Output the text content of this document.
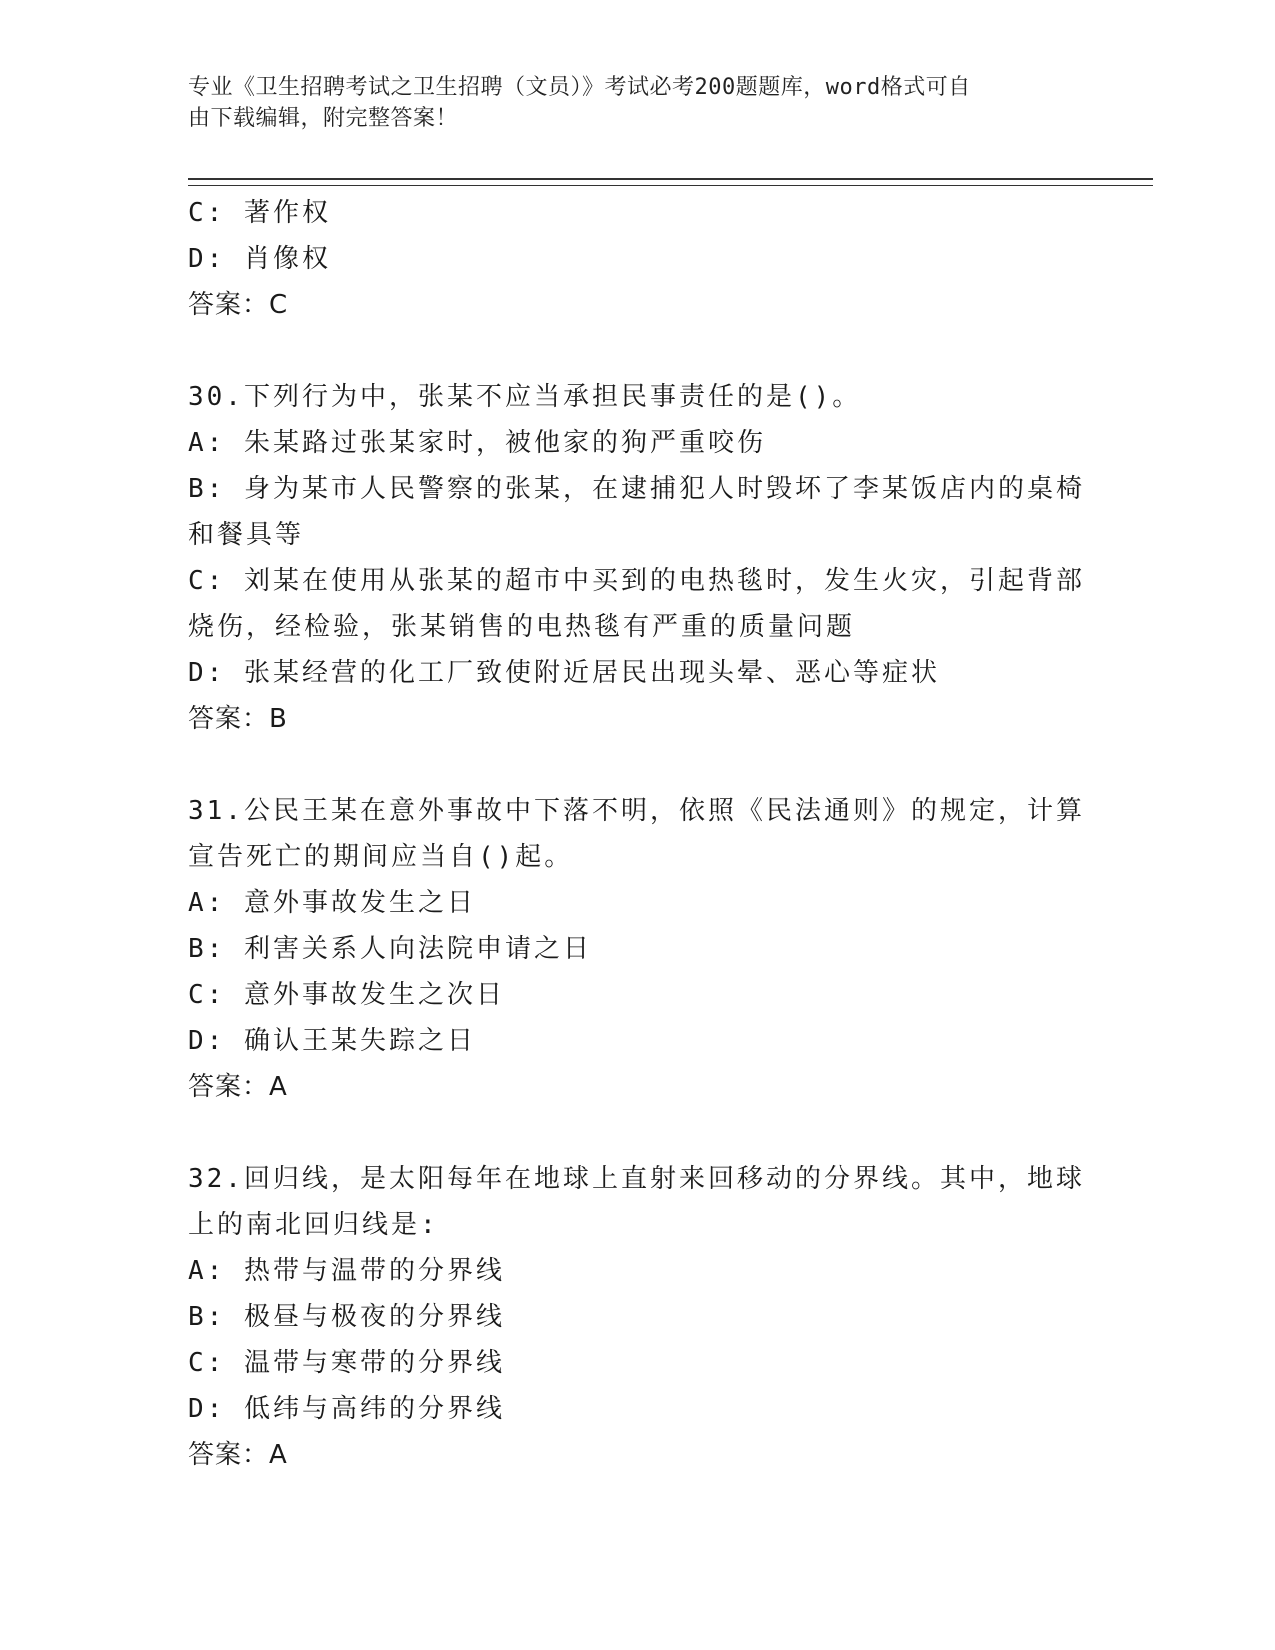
专业《卫生招聘考试之卫生招聘（文员）》考试必考200题题库，word格式可自
由下载编辑，附完整答案！
C: 著作权
D: 肖像权
答案：C
30.下列行为中，张某不应当承担民事责任的是()。
A: 朱某路过张某家时，被他家的狗严重咬伤
B: 身为某市人民警察的张某，在逮捕犯人时毁坏了李某饭店内的桌椅
和餐具等
C: 刘某在使用从张某的超市中买到的电热毯时，发生火灾，引起背部
烧伤，经检验，张某销售的电热毯有严重的质量问题
D: 张某经营的化工厂致使附近居民出现头晕、恶心等症状
答案：B
31.公民王某在意外事故中下落不明，依照《民法通则》的规定，计算
宣告死亡的期间应当自()起。
A: 意外事故发生之日
B: 利害关系人向法院申请之日
C: 意外事故发生之次日
D: 确认王某失踪之日
答案：A
32.回归线，是太阳每年在地球上直射来回移动的分界线。其中，地球
上的南北回归线是:
A: 热带与温带的分界线
B: 极昼与极夜的分界线
C: 温带与寒带的分界线
D: 低纬与高纬的分界线
答案：A
